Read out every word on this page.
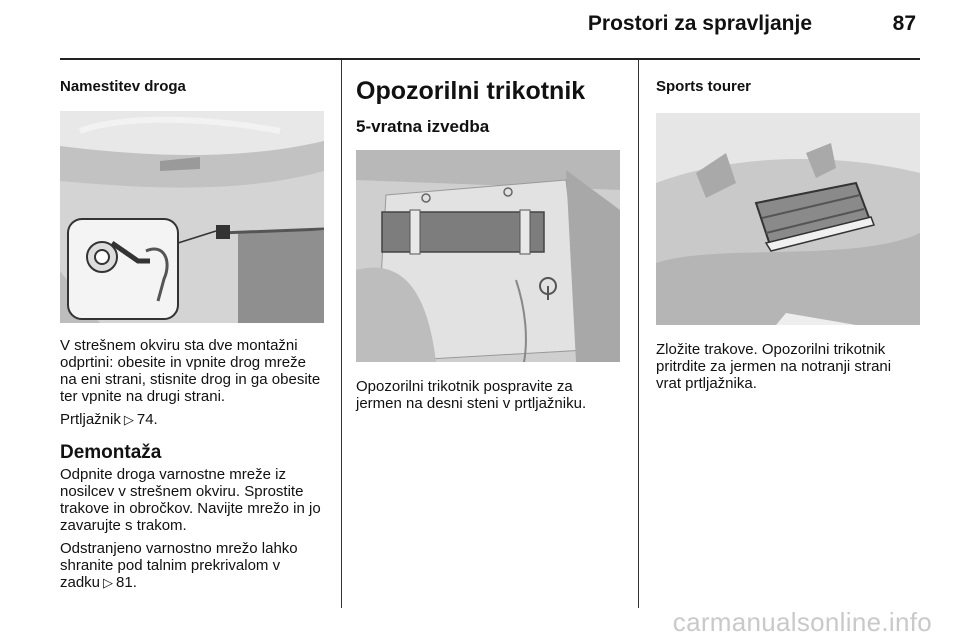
Prostori za spravljanje	87
Namestitev droga

V strešnem okviru sta dve montažni odprtini: obesite in vpnite drog mreže na eni strani, stisnite drog in ga obesite ter vpnite na drugi strani.

Prtljažnik ▷ 74.

Demontaža

Odpnite droga varnostne mreže iz nosilcev v strešnem okviru. Sprostite trakove in obročkov. Navijte mrežo in jo zavarujte s trakom.

Odstranjeno varnostno mrežo lahko shranite pod talnim prekrivalom v zadku ▷ 81.

Opozorilni trikotnik
5-vratna izvedba

Opozorilni trikotnik pospravite za jermen na desni steni v prtljažniku.

Sports tourer

Zložite trakove. Opozorilni trikotnik pritrdite za jermen na notranji strani vrat prtljažnika.

carmanualsonline.info
